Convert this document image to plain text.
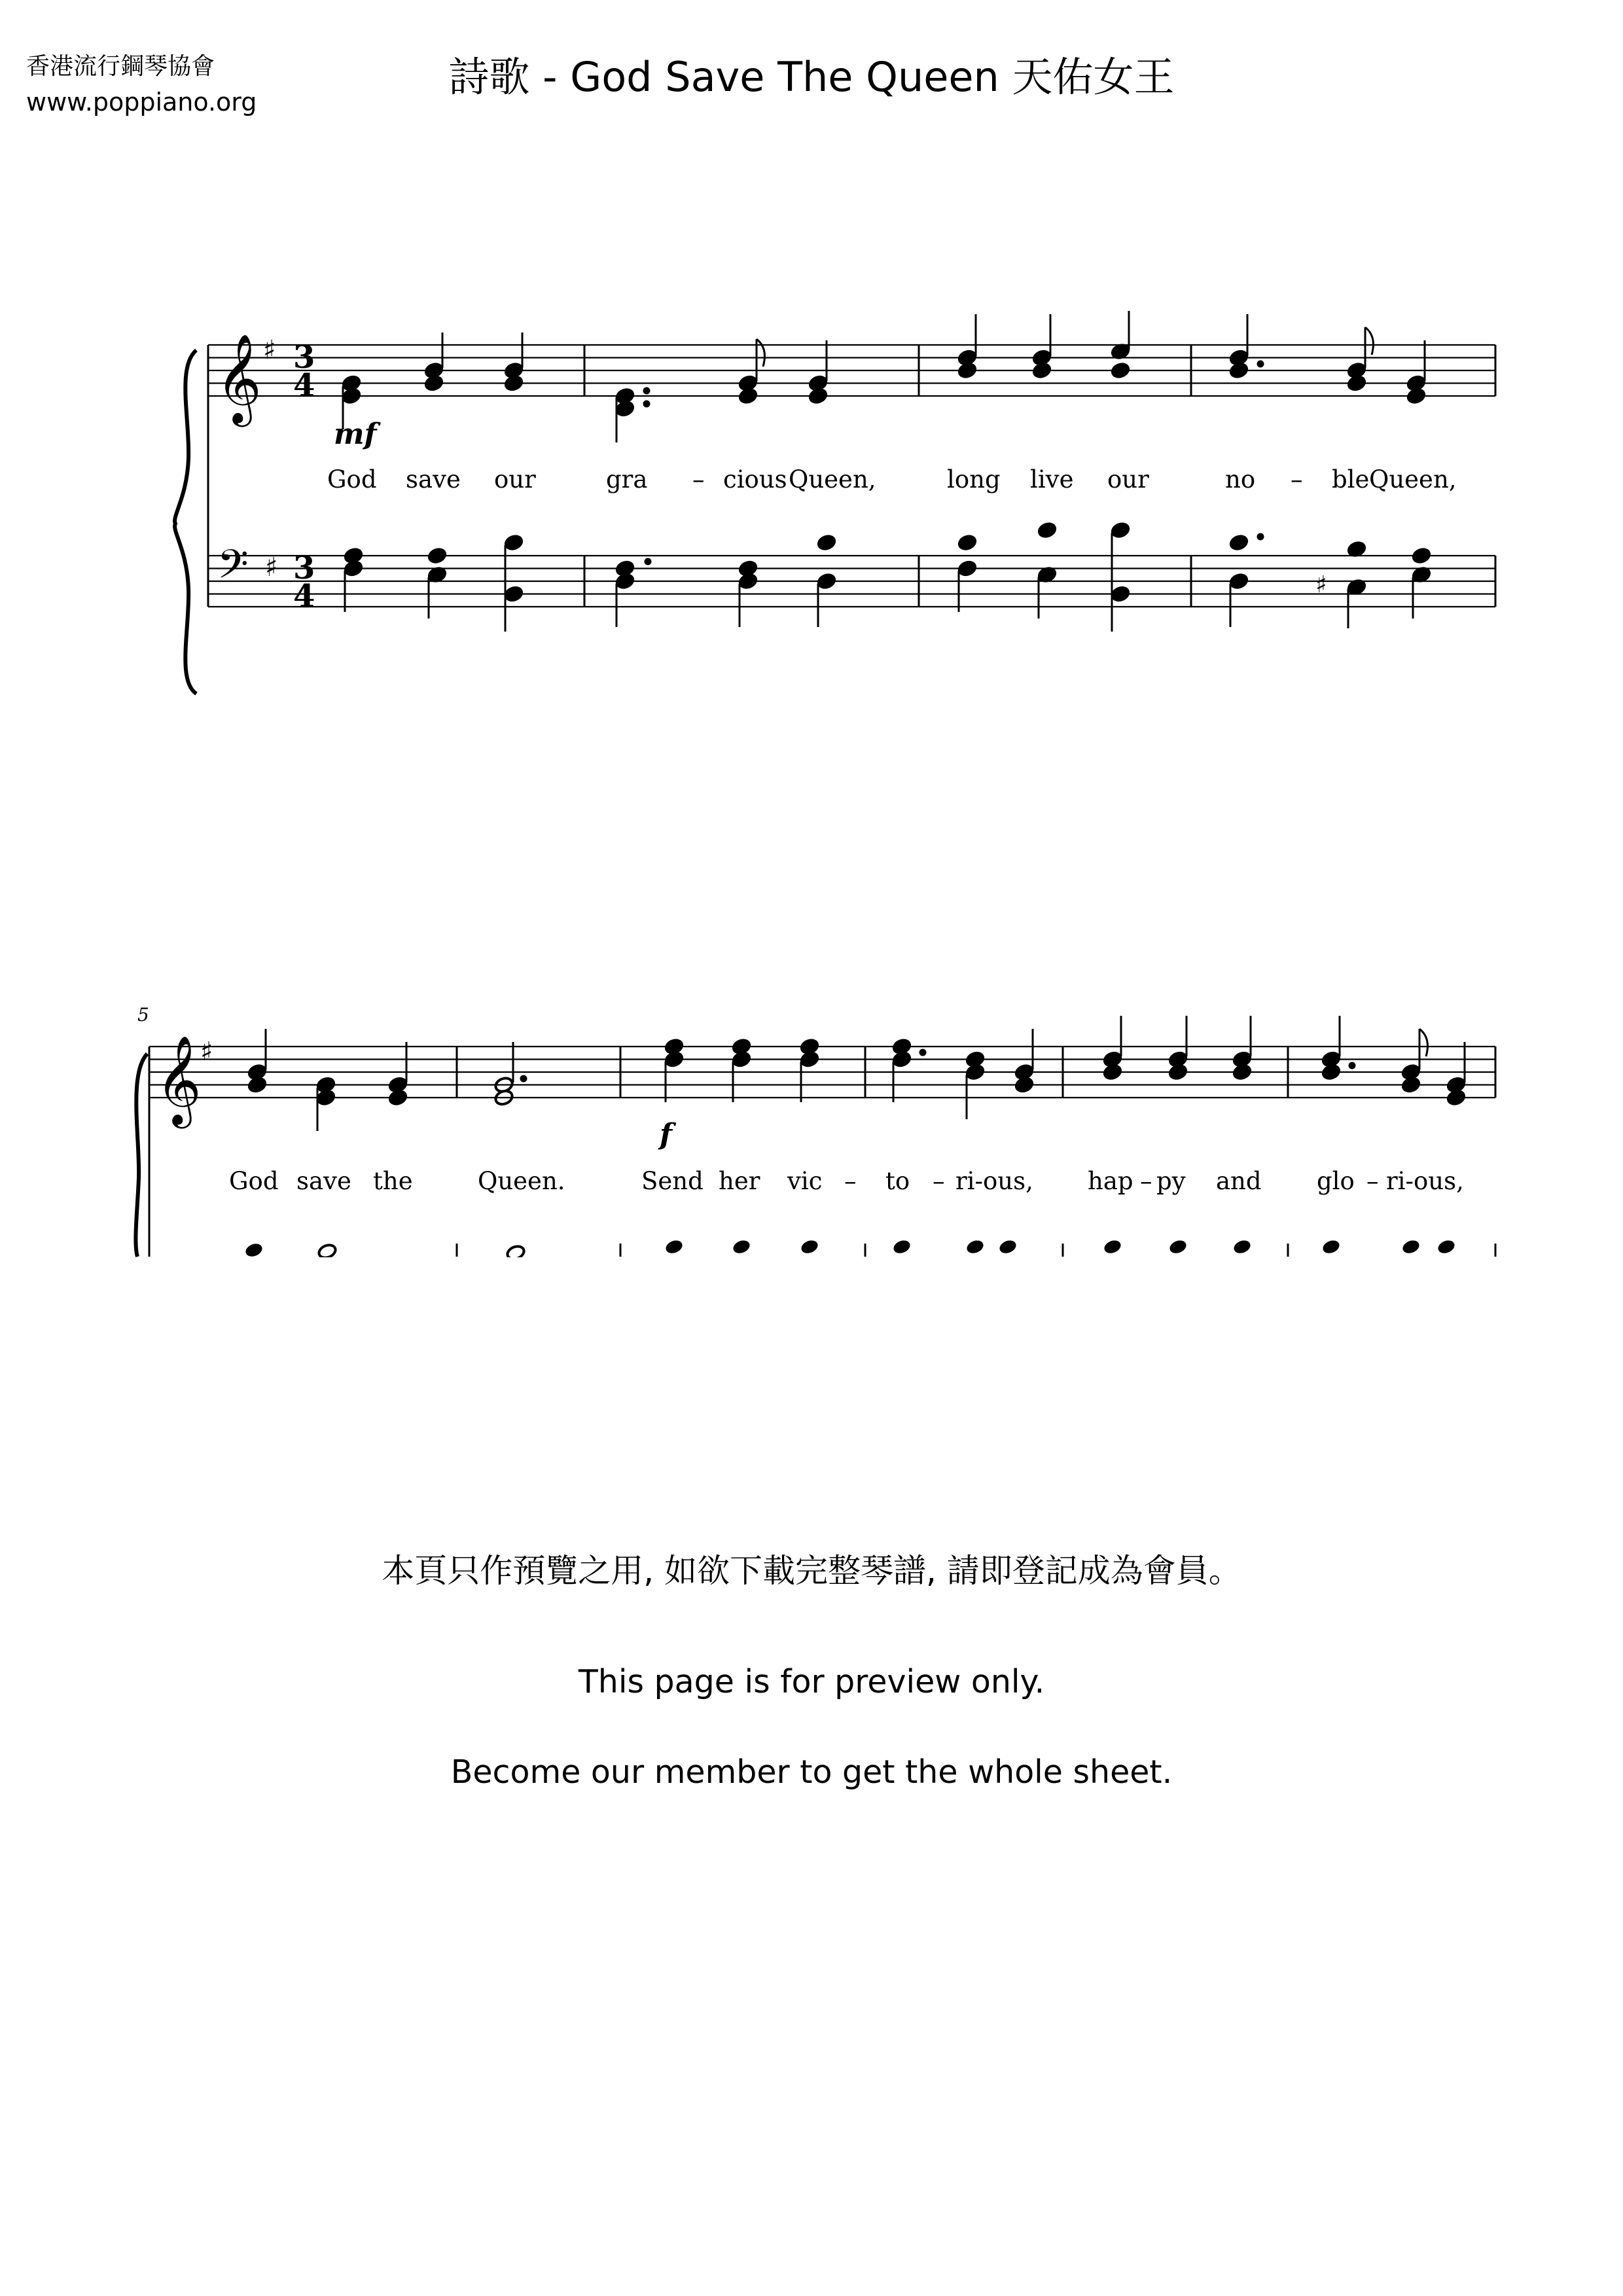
香港流行鋼琴協會
www.poppiano.org
詩歌 - God Save The Queen 天佑女王
𝄞 ♯ 3
4
𝄢 ♯ 3
4	♯
mf
God save our	gra – cious Queen,	long live our	no – ble Queen,
5
𝄞
♯
f
God save the	Queen.	Send her vic – to – ri-ous, hap – py and glo – ri-ous,
本頁只作預覽之用, 如欲下載完整琴譜, 請即登記成為會員。
This page is for preview only.
Become our member to get the whole sheet.
